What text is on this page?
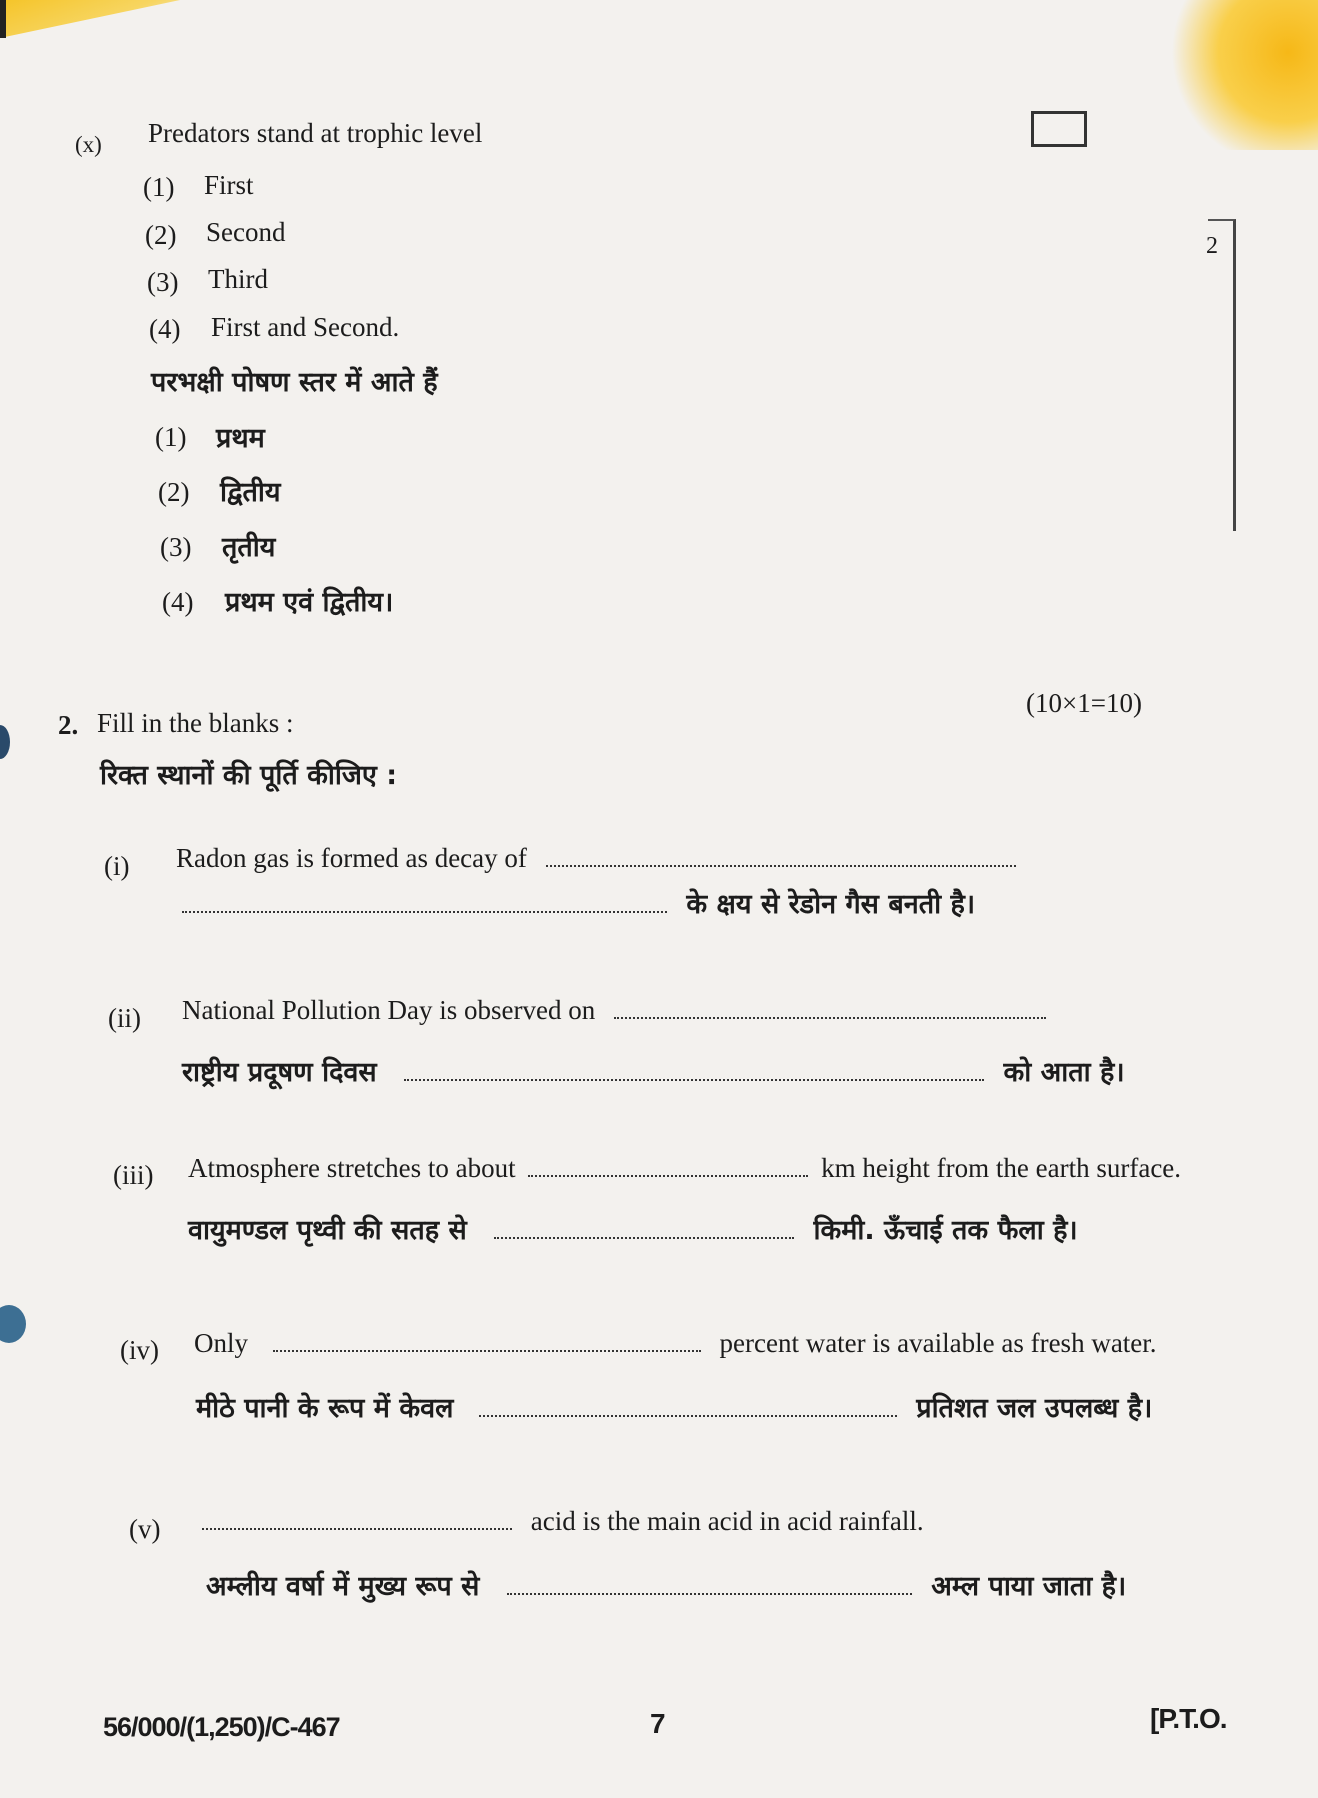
(x) Predators stand at trophic level
(1) First
(2) Second
(3) Third
(4) First and Second.
परभक्षी पोषण स्तर में आते हैं
(1) प्रथम
(2) द्वितीय
(3) तृतीय
(4) प्रथम एवं द्वितीय।
2
2. Fill in the blanks :
(10×1=10)
रिक्त स्थानों की पूर्ति कीजिए :
(i) Radon gas is formed as decay of
के क्षय से रेडोन गैस बनती है।
(ii) National Pollution Day is observed on
राष्ट्रीय प्रदूषण दिवस	को आता है।
(iii) Atmosphere stretches to about	km height from the earth surface.
वायुमण्डल पृथ्वी की सतह से	किमी. ऊँचाई तक फैला है।
(iv) Only	percent water is available as fresh water.
मीठे पानी के रूप में केवल	प्रतिशत जल उपलब्ध है।
(v)	acid is the main acid in acid rainfall.
अम्लीय वर्षा में मुख्य रूप से	अम्ल पाया जाता है।
56/000/(1,250)/C-467	7	[P.T.O.
